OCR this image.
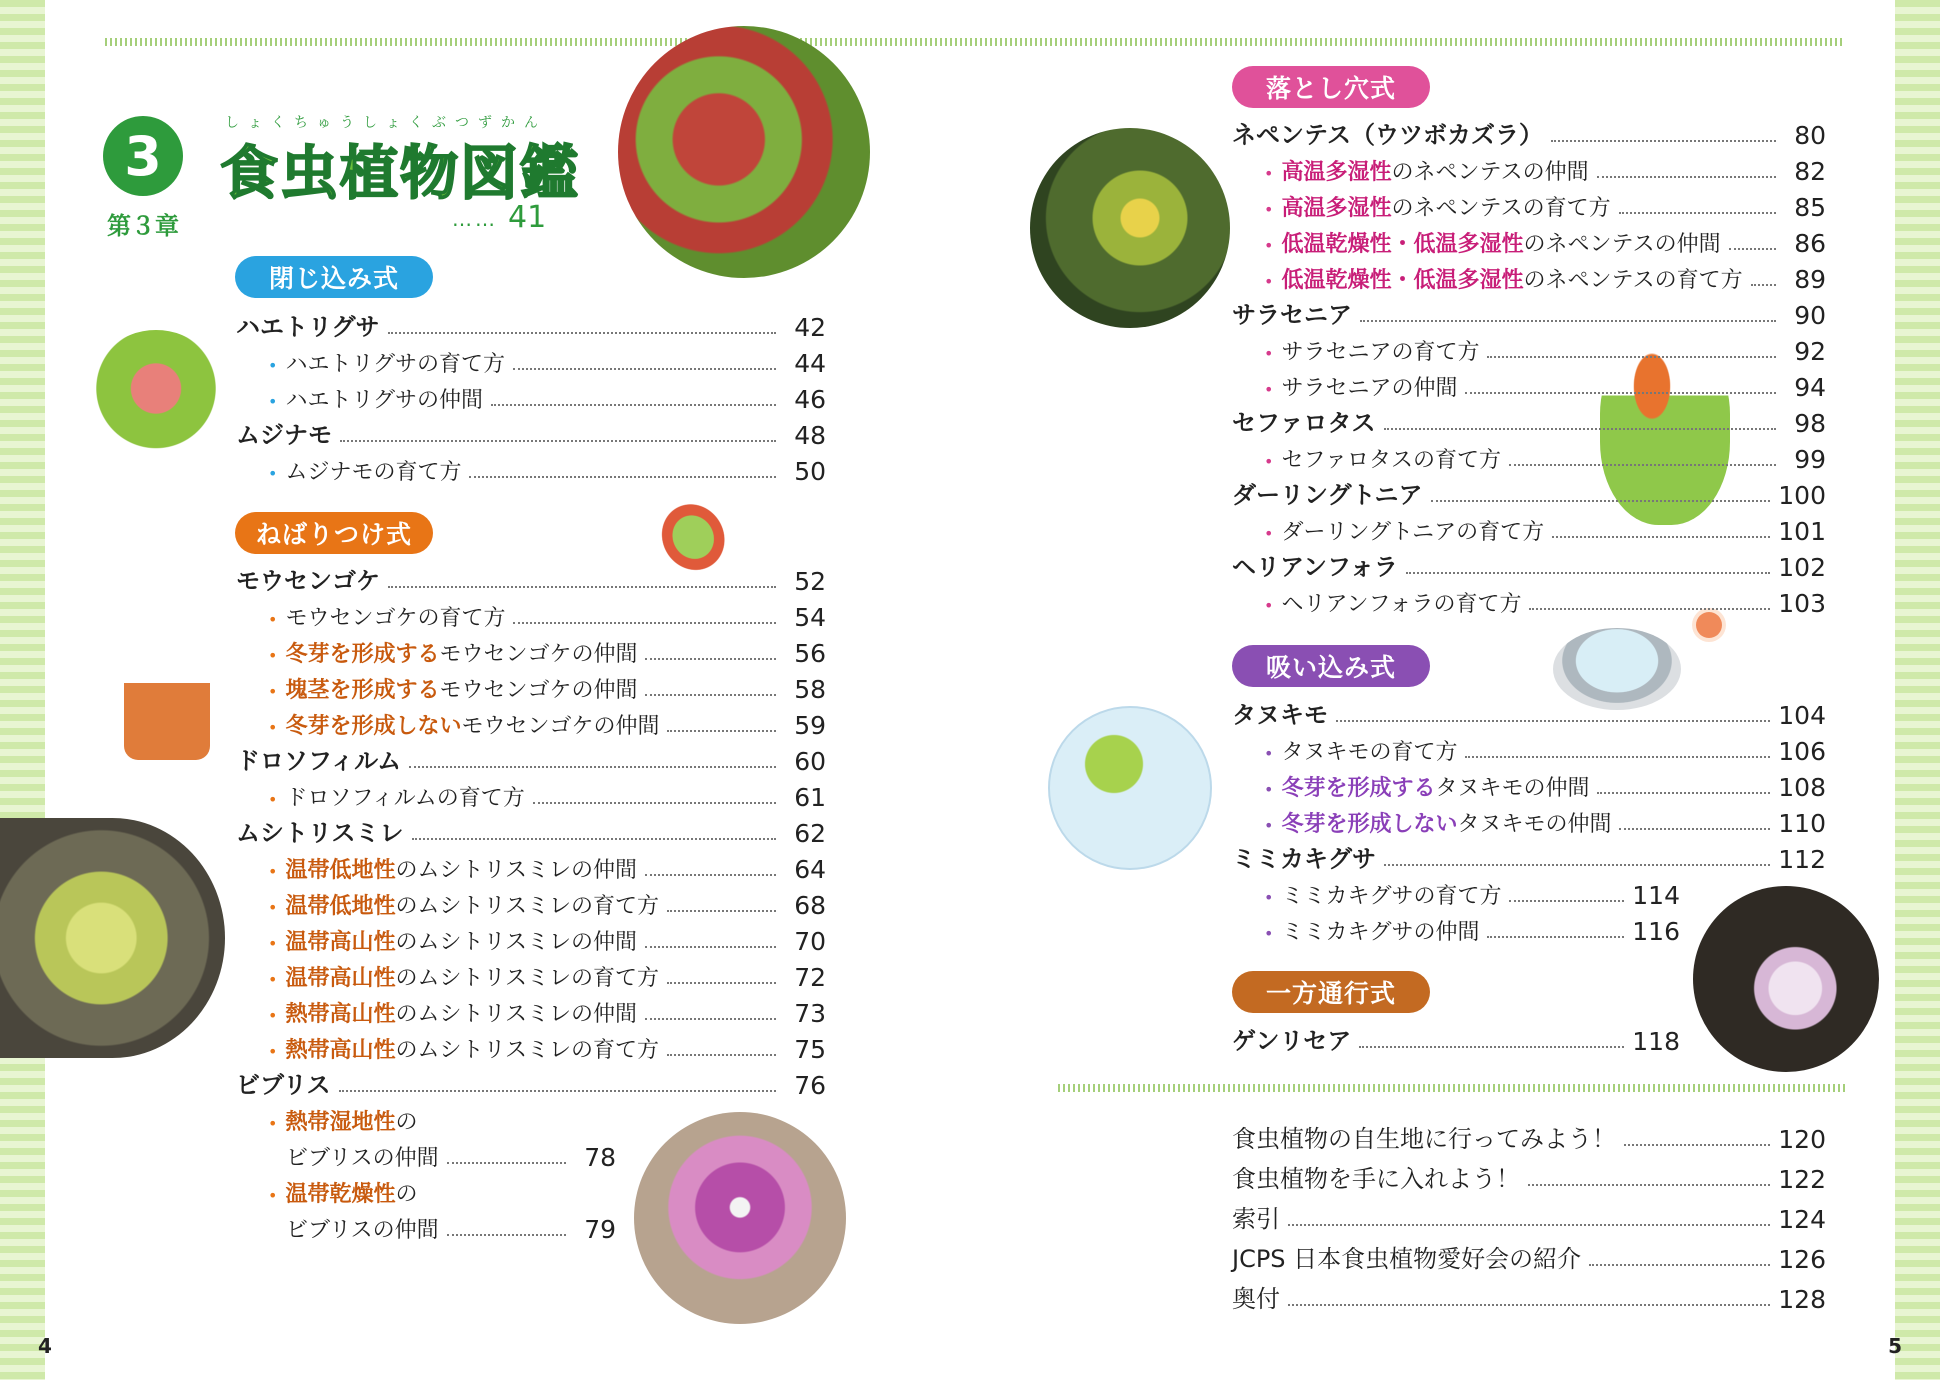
3
第３章
しょくちゅうしょくぶつずかん
食虫植物図鑑
…… 41
閉じ込み式
ねばりつけ式
落とし穴式
吸い込み式
一方通行式
ハエトリグサ	42
• ハエトリグサの育て方	44
• ハエトリグサの仲間	46
ムジナモ	48
• ムジナモの育て方	50
モウセンゴケ	52
• モウセンゴケの育て方	54
• 冬芽を形成するモウセンゴケの仲間	56
• 塊茎を形成するモウセンゴケの仲間	58
• 冬芽を形成しないモウセンゴケの仲間	59
ドロソフィルム	60
• ドロソフィルムの育て方	61
ムシトリスミレ	62
• 温帯低地性のムシトリスミレの仲間	64
• 温帯低地性のムシトリスミレの育て方	68
• 温帯高山性のムシトリスミレの仲間	70
• 温帯高山性のムシトリスミレの育て方	72
• 熱帯高山性のムシトリスミレの仲間	73
• 熱帯高山性のムシトリスミレの育て方	75
ビブリス	76
• 熱帯湿地性の
ビブリスの仲間	78
• 温帯乾燥性の
ビブリスの仲間	79
ネペンテス（ウツボカズラ）	80
• 高温多湿性のネペンテスの仲間	82
• 高温多湿性のネペンテスの育て方	85
• 低温乾燥性・低温多湿性のネペンテスの仲間	86
• 低温乾燥性・低温多湿性のネペンテスの育て方	89
サラセニア	90
• サラセニアの育て方	92
• サラセニアの仲間	94
セファロタス	98
• セファロタスの育て方	99
ダーリングトニア	100
• ダーリングトニアの育て方	101
ヘリアンフォラ	102
• ヘリアンフォラの育て方	103
タヌキモ	104
• タヌキモの育て方	106
• 冬芽を形成するタヌキモの仲間	108
• 冬芽を形成しないタヌキモの仲間	110
ミミカキグサ	112
• ミミカキグサの育て方	114
• ミミカキグサの仲間	116
ゲンリセア	118
食虫植物の自生地に行ってみよう！	120
食虫植物を手に入れよう！	122
索引	124
JCPS 日本食虫植物愛好会の紹介	126
奥付	128
4	5
